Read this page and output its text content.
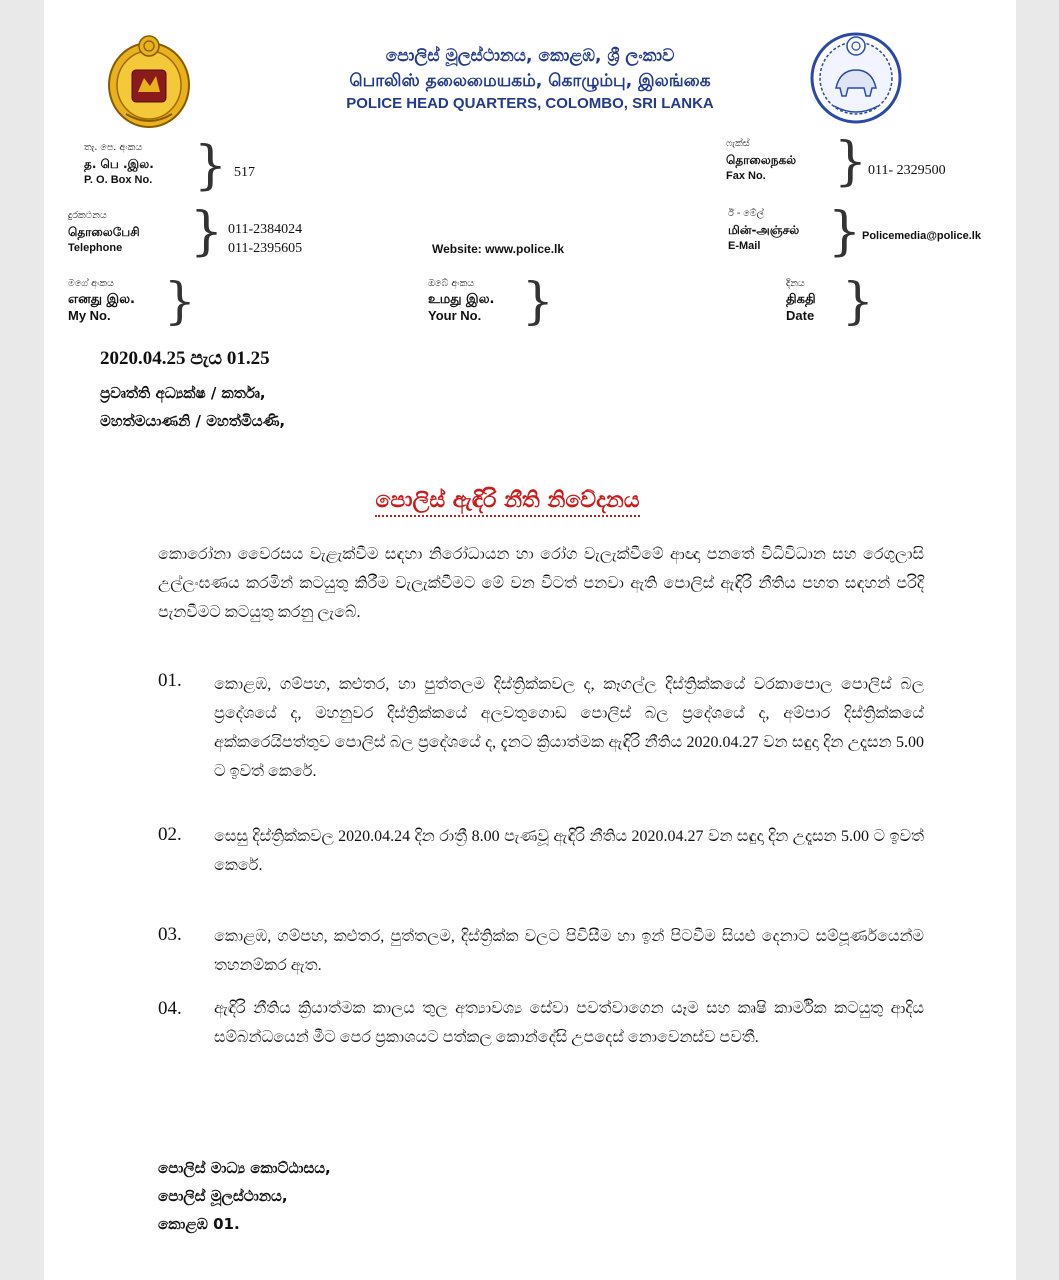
පොලිස් මූලස්ථානය, කොළඹ, ශ්‍රී ලංකාව
பொலிஸ் தலைமையகம், கொழும்பு, இலங்கை
POLICE HEAD QUARTERS, COLOMBO, SRI LANKA
තැ. පෙ. අංකය
த. பெ .இல.
P. O. Box No. } 517
ෆැක්ස්
தொலைநகல்
Fax No.	} 011- 2329500
දුරකථනය
தொலைபேசி
Telephone	} 011-2384024
011-2395605	Website: www.police.lk
ඊ - මේල්
மின்-அஞ்சல்
E-Mail	} Policemedia@police.lk
මගේ අංකය
எனது இல.
My No.	}	ඔබේ අංකය
உமது இல.
Your No. }	දිනය
திகதி
Date }
2020.04.25 පැය 01.25
ප්‍රවෘත්ති අධ්‍යක්ෂ / කර්තෘ,
මහත්මයාණනි / මහත්මියණි,
පොලිස් ඇඳිරි නීති නිවේදනය
කොරෝනා වෛරසය වැළැක්වීම සඳහා නිරෝධායන හා රෝග වැලැක්වීමේ ආඥා පනතේ විධිවිධාන සහ රෙගුලාසි උල්ලංඝණය කරමින් කටයුතු කිරීම වැලැක්වීමට මේ වන විටත් පනවා ඇති පොලිස් ඇඳිරි නීතිය පහත සඳහන් පරිදි පැනවීමට කටයුතු කරනු ලැබේ.
01. කොළඹ, ගම්පහ, කළුතර, හා පුත්තලම දිස්ත්‍රික්කවල ද, කෑගල්ල දිස්ත්‍රික්කයේ වරකාපොල පොලිස් බල ප්‍රදේශයේ ද, මහනුවර දිස්ත්‍රික්කයේ අලවතුගොඩ පොලිස් බල ප්‍රදේශයේ ද, අම්පාර දිස්ත්‍රික්කයේ අක්කරෙයිපත්තුව පොලිස් බල ප්‍රදේශයේ ද, දැනට ක්‍රියාත්මක ඇඳිරි නීතිය 2020.04.27 වන සඳුදා දින උදෑසන 5.00 ට ඉවත් කෙරේ.
02. සෙසු දිස්ත්‍රික්කවල 2020.04.24 දින රාත්‍රී 8.00 පැණවූ ඇඳිරි නීතිය 2020.04.27 වන සඳුදා දින උදෑසන 5.00 ට ඉවත් කෙරේ.
03. කොළඹ, ගම්පහ, කළුතර, පුත්තලම, දිස්ත්‍රික්ක වලට පිවිසීම හා ඉන් පිටවීම සියළු දෙනාට සම්පූර්ණයෙන්ම තහනම්කර ඇත.
04. ඇඳිරි නීතිය ක්‍රියාත්මක කාලය තුල අත්‍යාවශ්‍ය සේවා පවත්වාගෙන යෑම සහ කෘෂි කාර්මික කටයුතු ආදිය සම්බන්ධයෙන් මීට පෙර ප්‍රකාශයට පත්කල කොන්දේසි උපදෙස් නොවෙනස්ව පවතී.
පොලිස් මාධ්‍ය කොට්ඨාසය,
පොලිස් මූලස්ථානය,
කොළඹ 01.
